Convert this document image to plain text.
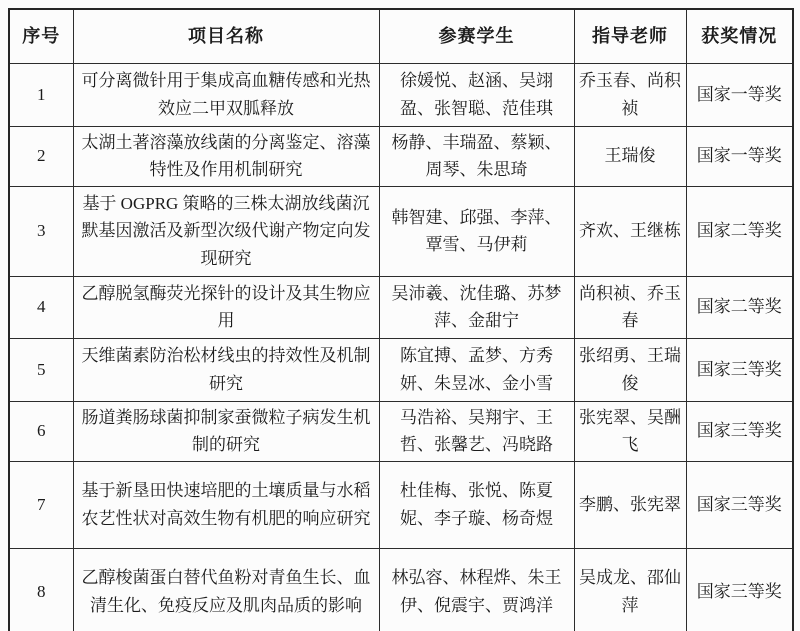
序号	项目名称	参赛学生	指导老师	获奖情况
1	可分离微针用于集成高血糖传感和光热效应二甲双胍释放	徐媛悦、赵涵、吴翊盈、张智聪、范佳琪	乔玉春、尚积祯	国家一等奖
2	太湖土著溶藻放线菌的分离鉴定、溶藻特性及作用机制研究	杨静、丰瑞盈、蔡颖、周琴、朱思琦	王瑞俊	国家一等奖
3	基于 OGPRG 策略的三株太湖放线菌沉默基因激活及新型次级代谢产物定向发现研究	韩智建、邱强、李萍、覃雪、马伊莉	齐欢、王继栋	国家二等奖
4	乙醇脱氢酶荧光探针的设计及其生物应用	吴沛羲、沈佳璐、苏梦萍、金甜宁	尚积祯、乔玉春	国家二等奖
5	天维菌素防治松材线虫的持效性及机制研究	陈宜搏、孟梦、方秀妍、朱昱冰、金小雪	张绍勇、王瑞俊	国家三等奖
6	肠道粪肠球菌抑制家蚕微粒子病发生机制的研究	马浩裕、吴翔宇、王哲、张馨艺、冯晓路	张宪翠、吴酬飞	国家三等奖
7	基于新垦田快速培肥的土壤质量与水稻农艺性状对高效生物有机肥的响应研究	杜佳梅、张悦、陈夏妮、李子璇、杨奇煜	李鹏、张宪翠	国家三等奖
8	乙醇梭菌蛋白替代鱼粉对青鱼生长、血清生化、免疫反应及肌肉品质的影响	林弘容、林程烨、朱王伊、倪震宇、贾鸿洋	吴成龙、邵仙萍	国家三等奖
